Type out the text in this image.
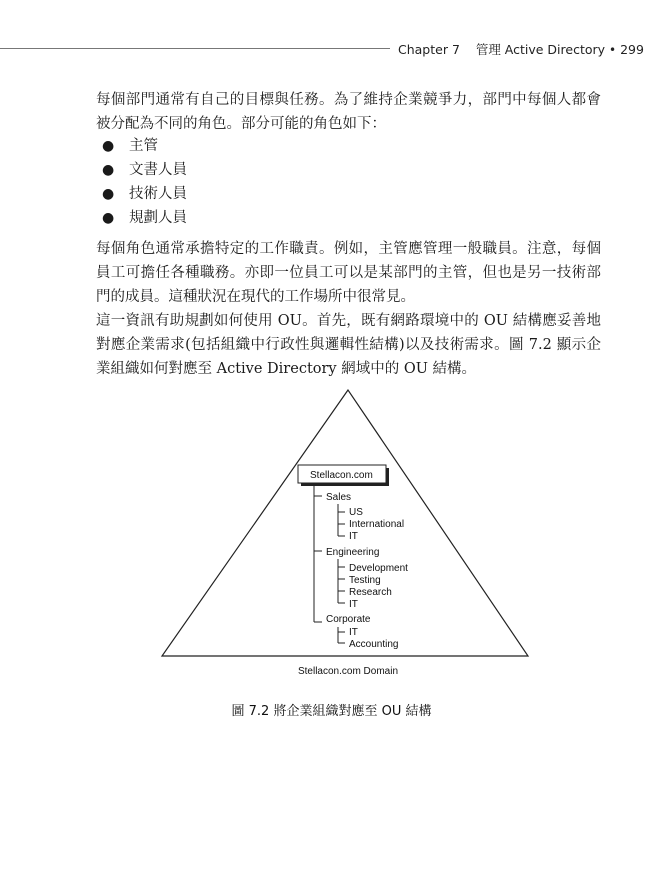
Chapter 7 管理 Active Directory • 299

每個部門通常有自己的目標與任務。為了維持企業競爭力，部門中每個人都會被分配為不同的角色。部分可能的角色如下：

● 主管
● 文書人員
● 技術人員
● 規劃人員

每個角色通常承擔特定的工作職責。例如，主管應管理一般職員。注意，每個員工可擔任各種職務。亦即一位員工可以是某部門的主管，但也是另一技術部門的成員。這種狀況在現代的工作場所中很常見。

這一資訊有助規劃如何使用 OU。首先，既有網路環境中的 OU 結構應妥善地對應企業需求(包括組織中行政性與邏輯性結構)以及技術需求。圖 7.2 顯示企業組織如何對應至 Active Directory 網域中的 OU 結構。

Stellacon.com
Sales
US
International
IT
Engineering
Development
Testing
Research
IT
Corporate
IT
Accounting
Stellacon.com Domain
圖 7.2 將企業組織對應至 OU 結構
